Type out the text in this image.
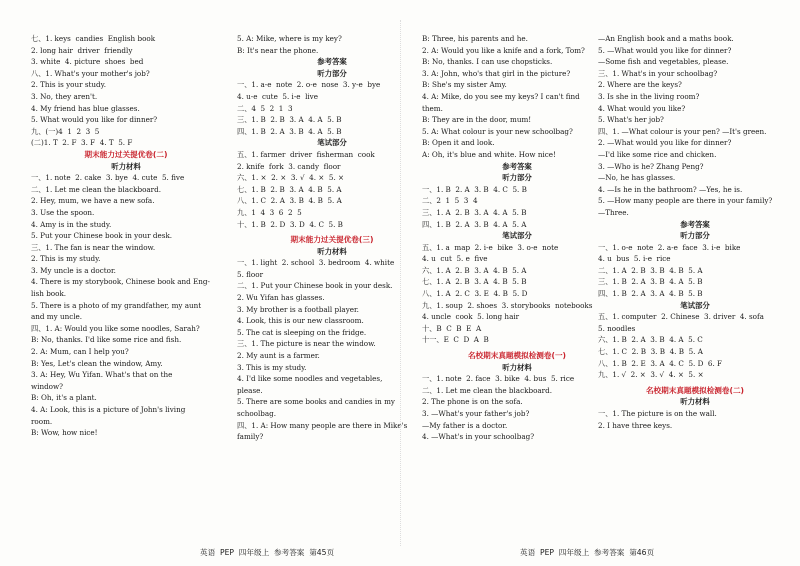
七、1. keys  candies  English book
2. long hair  driver  friendly
3. white  4. picture  shoes  bed
八、1. What's your mother's job?
2. This is your study.
3. No, they aren't.
4. My friend has blue glasses.
5. What would you like for dinner?
九、(一)4  1  2  3  5
(二)1. T  2. F  3. F  4. T  5. F
期末能力过关提优卷(二)
听力材料
一、1. note  2. cake  3. bye  4. cute  5. five
二、1. Let me clean the blackboard.
2. Hey, mum, we have a new sofa.
3. Use the spoon.
4. Amy is in the study.
5. Put your Chinese book in your desk.
三、1. The fan is near the window.
2. This is my study.
3. My uncle is a doctor.
4. There is my storybook, Chinese book and Eng-
lish book.
5. There is a photo of my grandfather, my aunt
and my uncle.
四、1. A: Would you like some noodles, Sarah?
B: No, thanks. I'd like some rice and fish.
2. A: Mum, can I help you?
B: Yes, Let's clean the window, Amy.
3. A: Hey, Wu Yifan. What's that on the
window?
B: Oh, it's a plant.
4. A: Look, this is a picture of John's living
room.
B: Wow, how nice!
5. A: Mike, where is my key?
B: It's near the phone.
参考答案
听力部分
一、1. a-e  note  2. o-e  nose  3. y-e  bye
4. u-e  cute  5. i-e  live
二、4  5  2  1  3
三、1. B  2. B  3. A  4. A  5. B
四、1. B  2. A  3. B  4. A  5. B
笔试部分
五、1. farmer  driver  fisherman  cook
2. knife  fork  3. candy  floor
六、1. ×  2. ×  3. √  4. ×  5. ×
七、1. B  2. B  3. A  4. B  5. A
八、1. C  2. A  3. B  4. B  5. A
九、1  4  3  6  2  5
十、1. B  2. D  3. D  4. C  5. B
期末能力过关提优卷(三)
听力材料
一、1. light  2. school  3. bedroom  4. white
5. floor
二、1. Put your Chinese book in your desk.
2. Wu Yifan has glasses.
3. My brother is a football player.
4. Look, this is our new classroom.
5. The cat is sleeping on the fridge.
三、1. The picture is near the window.
2. My aunt is a farmer.
3. This is my study.
4. I'd like some noodles and vegetables,
please.
5. There are some books and candies in my
schoolbag.
四、1. A: How many people are there in Mike's
family?
B: Three, his parents and he.
2. A: Would you like a knife and a fork, Tom?
B: No, thanks. I can use chopsticks.
3. A: John, who's that girl in the picture?
B: She's my sister Amy.
4. A: Mike, do you see my keys? I can't find
them.
B: They are in the door, mum!
5. A: What colour is your new schoolbag?
B: Open it and look.
A: Oh, it's blue and white. How nice!
参考答案
听力部分
一、1. B  2. A  3. B  4. C  5. B
二、2  1  5  3  4
三、1. A  2. B  3. A  4. A  5. B
四、1. B  2. A  3. B  4. A  5. A
笔试部分
五、1. a  map  2. i-e  bike  3. o-e  note
4. u  cut  5. e  five
六、1. A  2. B  3. A  4. B  5. A
七、1. A  2. B  3. A  4. B  5. B
八、1. A  2. C  3. E  4. B  5. D
九、1. soup  2. shoes  3. storybooks  notebooks
4. uncle  cook  5. long hair
十、B  C  B  E  A
十一、E  C  D  A  B
名校期末真题模拟检测卷(一)
听力材料
一、1. note  2. face  3. bike  4. bus  5. rice
二、1. Let me clean the blackboard.
2. The phone is on the sofa.
3. —What's your father's job?
—My father is a doctor.
4. —What's in your schoolbag?
—An English book and a maths book.
5. —What would you like for dinner?
—Some fish and vegetables, please.
三、1. What's in your schoolbag?
2. Where are the keys?
3. Is she in the living room?
4. What would you like?
5. What's her job?
四、1. —What colour is your pen? —It's green.
2. —What would you like for dinner?
—I'd like some rice and chicken.
3. —Who is he? Zhang Peng?
—No, he has glasses.
4. —Is he in the bathroom? —Yes, he is.
5. —How many people are there in your family?
—Three.
参考答案
听力部分
一、1. o-e  note  2. a-e  face  3. i-e  bike
4. u  bus  5. i-e  rice
二、1. A  2. B  3. B  4. B  5. A
三、1. B  2. A  3. B  4. A  5. B
四、1. B  2. A  3. A  4. B  5. B
笔试部分
五、1. computer  2. Chinese  3. driver  4. sofa
5. noodles
六、1. B  2. A  3. B  4. A  5. C
七、1. C  2. B  3. B  4. B  5. A
八、1. B  2. E  3. A  4. C  5. D  6. F
九、1. √  2. ×  3. √  4. ×  5. ×
名校期末真题模拟检测卷(二)
听力材料
一、1. The picture is on the wall.
2. I have three keys.
英语  PEP  四年级上  参考答案  第45页	英语  PEP  四年级上  参考答案  第46页
